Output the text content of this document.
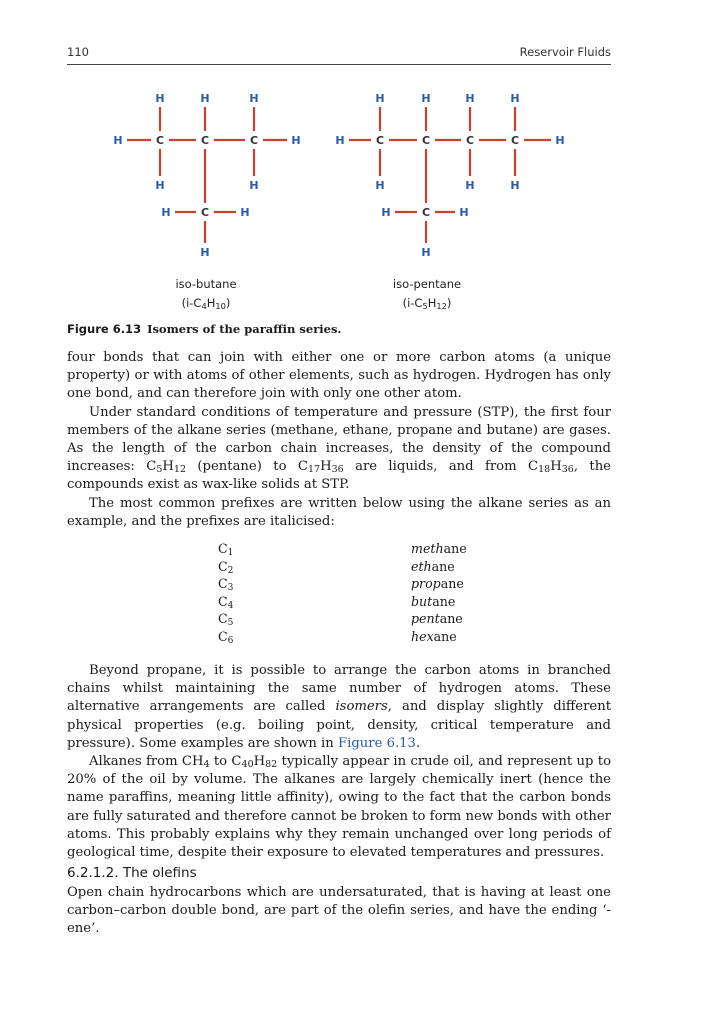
110	Reservoir Fluids
H	C	C	C	H
H	H	H
H	H
H	C	H
H
H	C	C	C	C	H
H	H	H	H
H	H	H
H	C	H
H
iso-butane
$(i-C_4H_{10})$
iso-pentane
$(i-C_5H_{12})$
Figure 6.13 Isomers of the paraffin series.

four bonds that can join with either one or more carbon atoms (a unique property) or with atoms of other elements, such as hydrogen. Hydrogen has only one bond, and can therefore join with only one other atom.

Under standard conditions of temperature and pressure (STP), the first four members of the alkane series (methane, ethane, propane and butane) are gases. As the length of the carbon chain increases, the density of the compound increases: $C_5H_{12}$ (pentane) to $C_{17}H_{36}$ are liquids, and from $C_{18}H_{36}$, the compounds exist as wax-like solids at STP.

The most common prefixes are written below using the alkane series as an example, and the prefixes are italicised:

$C_1$	methane
$C_2$	ethane
$C_3$	propane
$C_4$	butane
$C_5$	pentane
$C_6$	hexane

Beyond propane, it is possible to arrange the carbon atoms in branched chains whilst maintaining the same number of hydrogen atoms. These alternative arrangements are called isomers, and display slightly different physical properties (e.g. boiling point, density, critical temperature and pressure). Some examples are shown in Figure 6.13.

Alkanes from $CH_4$ to $C_{40}H_{82}$ typically appear in crude oil, and represent up to 20% of the oil by volume. The alkanes are largely chemically inert (hence the name paraffins, meaning little affinity), owing to the fact that the carbon bonds are fully saturated and therefore cannot be broken to form new bonds with other atoms. This probably explains why they remain unchanged over long periods of geological time, despite their exposure to elevated temperatures and pressures.

6.2.1.2. The olefins

Open chain hydrocarbons which are undersaturated, that is having at least one carbon–carbon double bond, are part of the olefin series, and have the ending ‘-ene’.
